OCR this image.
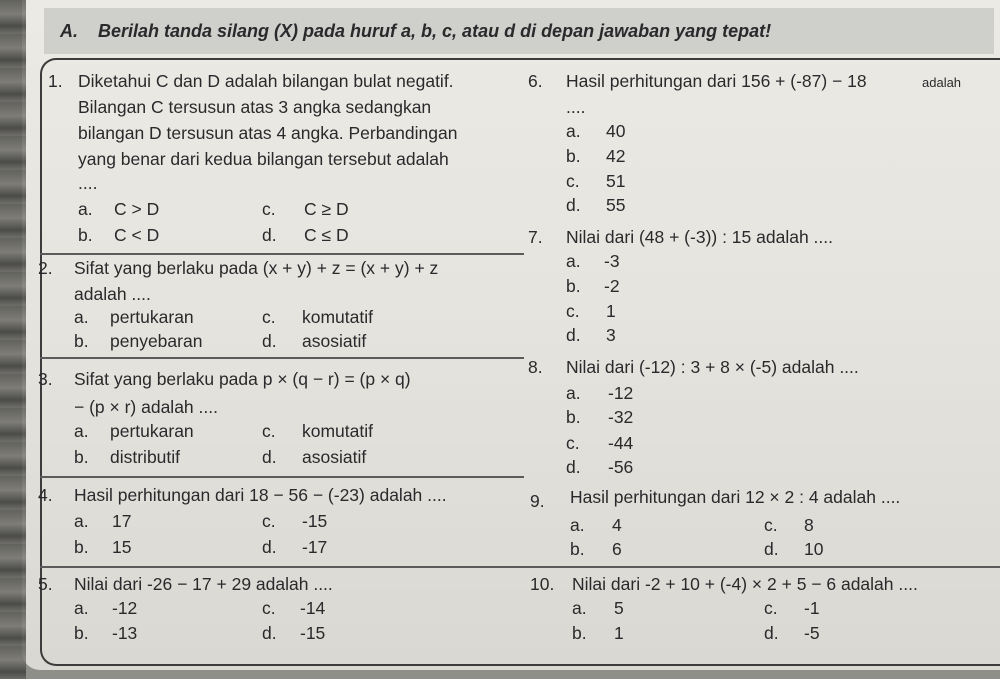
A. Berilah tanda silang (X) pada huruf a, b, c, atau d di depan jawaban yang tepat!
1. Diketahui C dan D adalah bilangan bulat negatif.
Bilangan C tersusun atas 3 angka sedangkan
bilangan D tersusun atas 4 angka. Perbandingan
yang benar dari kedua bilangan tersebut adalah
....
a. C > D
b. C < D
c. C ≥ D
d. C ≤ D
2. Sifat yang berlaku pada (x + y) + z = (x + y) + z
adalah ....
a. pertukaran
b. penyebaran
c. komutatif
d. asosiatif
3. Sifat yang berlaku pada p × (q − r) = (p × q)
− (p × r) adalah ....
a. pertukaran
b. distributif
c. komutatif
d. asosiatif
4. Hasil perhitungan dari 18 − 56 − (-23) adalah ....
a. 17
b. 15
c. -15
d. -17
5. Nilai dari -26 − 17 + 29 adalah ....
a. -12
b. -13
c. -14
d. -15
6. Hasil perhitungan dari 156 + (-87) − 18	adalah
....
a. 40
b. 42
c. 51
d. 55
7. Nilai dari (48 + (-3)) : 15 adalah ....
a. -3
b. -2
c. 1
d. 3
8. Nilai dari (-12) : 3 + 8 × (-5) adalah ....
a. -12
b. -32
c. -44
d. -56
9. Hasil perhitungan dari 12 × 2 : 4 adalah ....
a. 4
b. 6
c. 8
d. 10
10. Nilai dari -2 + 10 + (-4) × 2 + 5 − 6 adalah ....
a. 5
b. 1
c. -1
d. -5
